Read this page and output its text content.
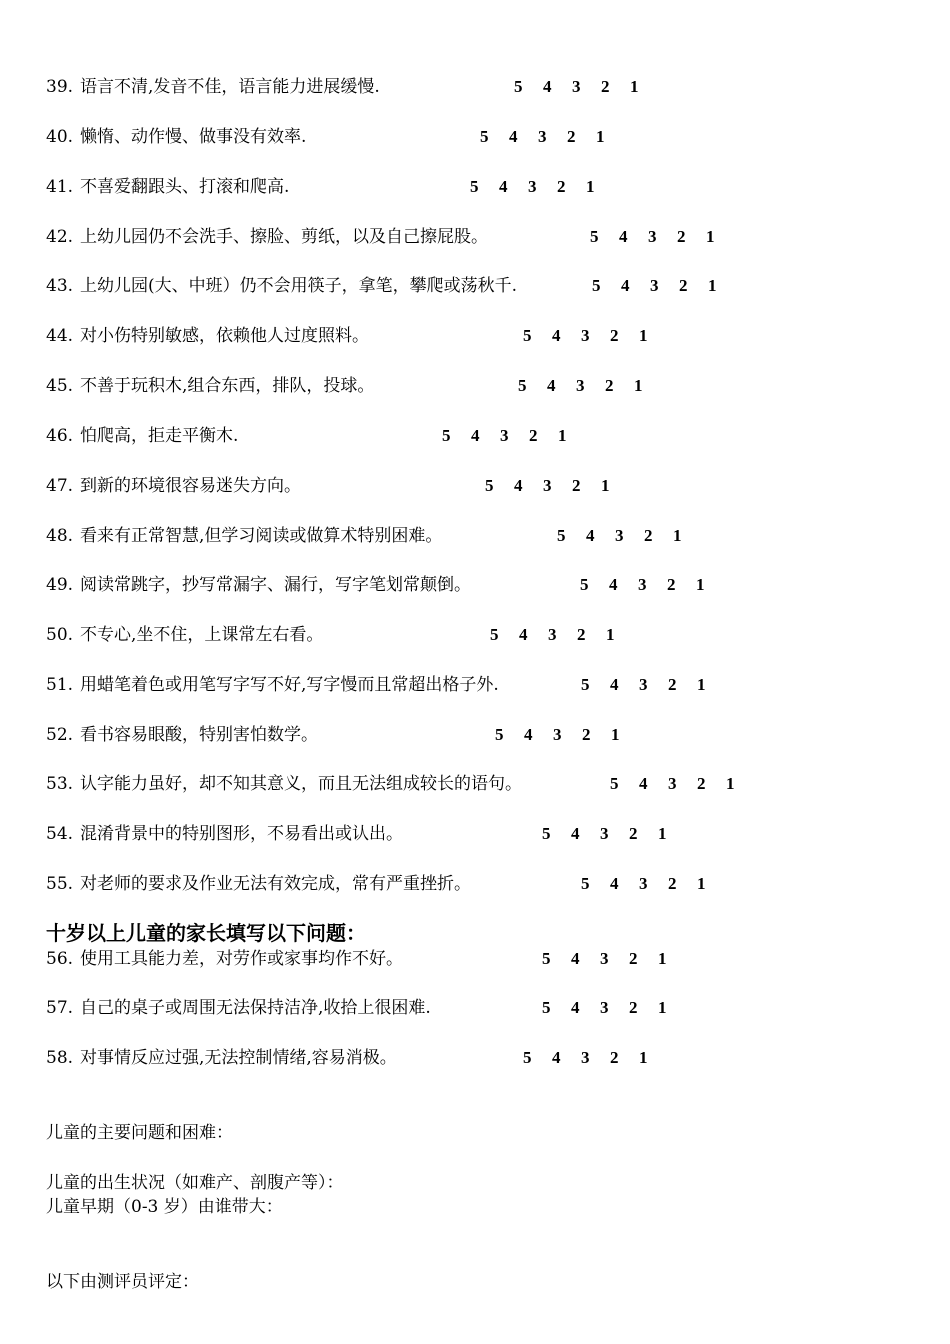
39. 语言不清,发音不佳，语言能力进展缓慢.	5 4 3 2 1
40. 懒惰、动作慢、做事没有效率.	5 4 3 2 1
41. 不喜爱翻跟头、打滚和爬高.	5 4 3 2 1
42. 上幼儿园仍不会洗手、擦脸、剪纸，以及自己擦屁股。	5 4 3 2 1
43. 上幼儿园(大、中班）仍不会用筷子，拿笔，攀爬或荡秋千.	5 4 3 2 1
44. 对小伤特别敏感，依赖他人过度照料。	5 4 3 2 1
45. 不善于玩积木,组合东西，排队，投球。	5 4 3 2 1
46. 怕爬高，拒走平衡木.	5 4 3 2 1
47. 到新的环境很容易迷失方向。	5 4 3 2 1
48. 看来有正常智慧,但学习阅读或做算术特别困难。	5 4 3 2 1
49. 阅读常跳字，抄写常漏字、漏行，写字笔划常颠倒。	5 4 3 2 1
50. 不专心,坐不住，上课常左右看。	5 4 3 2 1
51. 用蜡笔着色或用笔写字写不好,写字慢而且常超出格子外.	5 4 3 2 1
52. 看书容易眼酸，特别害怕数学。	5 4 3 2 1
53. 认字能力虽好，却不知其意义，而且无法组成较长的语句。	5 4 3 2 1
54. 混淆背景中的特别图形，不易看出或认出。	5 4 3 2 1
55. 对老师的要求及作业无法有效完成，常有严重挫折。	5 4 3 2 1
十岁以上儿童的家长填写以下问题：
56. 使用工具能力差，对劳作或家事均作不好。	5 4 3 2 1
57. 自己的桌子或周围无法保持洁净,收拾上很困难.	5 4 3 2 1
58. 对事情反应过强,无法控制情绪,容易消极。	5 4 3 2 1
儿童的主要问题和困难：
儿童的出生状况（如难产、剖腹产等）：
儿童早期（0-3 岁）由谁带大：
以下由测评员评定：
